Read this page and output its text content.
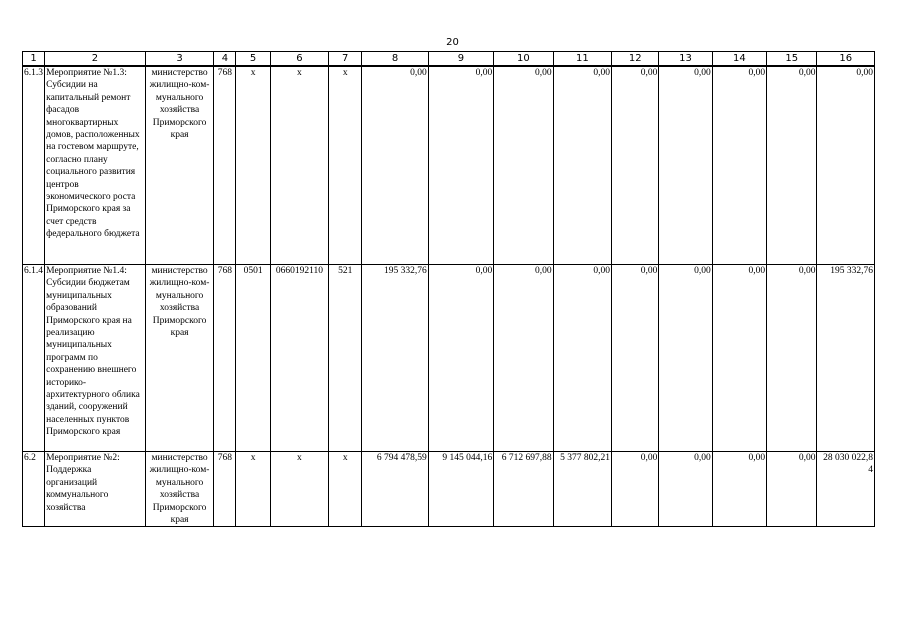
20
1	2	3	4	5	6	7	8	9	10	11	12	13	14	15	16
6.1.3	Мероприятие №1.3: Субсидии на капитальный ремонт фасадов многоквартирных домов, расположенных на гостевом маршруте, согласно плану социального развития центров экономического роста Приморского края за счет средств федерального бюджета	министерство жилищно-ком-мунального хозяйства Приморского края	768	x	x	x	0,00	0,00	0,00	0,00	0,00	0,00	0,00	0,00	0,00
6.1.4	Мероприятие №1.4: Субсидии бюджетам муниципальных образований Приморского края на реализацию муниципальных программ по сохранению внешнего историко-архитектурного облика зданий, сооружений населенных пунктов Приморского края	министерство жилищно-ком-мунального хозяйства Приморского края	768	0501	0660192110	521	195 332,76	0,00	0,00	0,00	0,00	0,00	0,00	0,00	195 332,76
6.2	Мероприятие №2: Поддержка организаций коммунального хозяйства	министерство жилищно-ком-мунального хозяйства Приморского края	768	x	x	x	6 794 478,59	9 145 044,16	6 712 697,88	5 377 802,21	0,00	0,00	0,00	0,00	28 030 022,84
